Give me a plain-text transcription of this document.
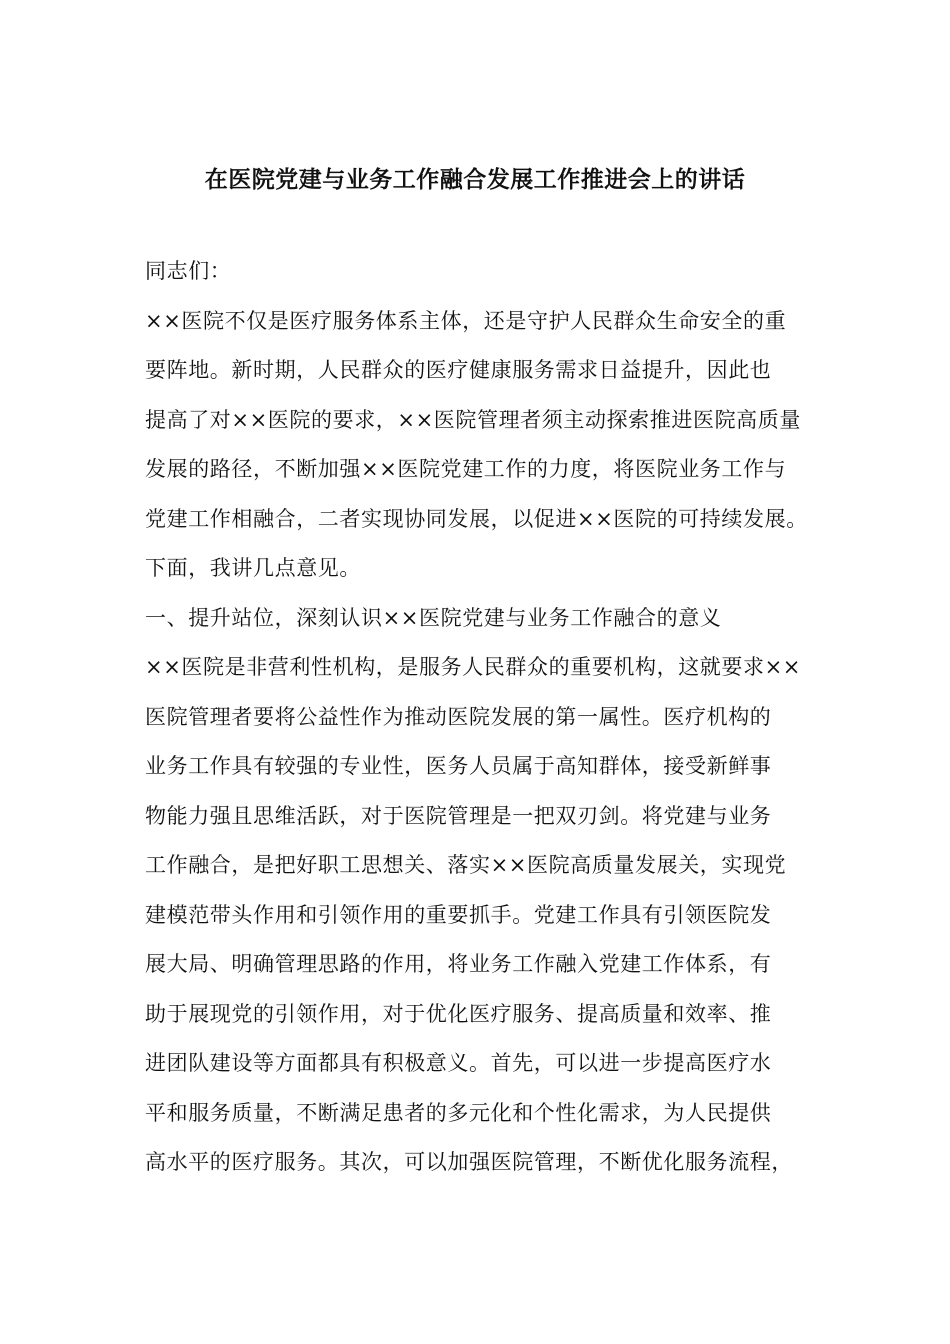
在医院党建与业务工作融合发展工作推进会上的讲话
同志们：
××医院不仅是医疗服务体系主体，还是守护人民群众生命安全的重
要阵地。新时期，人民群众的医疗健康服务需求日益提升，因此也
提高了对××医院的要求，××医院管理者须主动探索推进医院高质量
发展的路径，不断加强××医院党建工作的力度，将医院业务工作与
党建工作相融合，二者实现协同发展，以促进××医院的可持续发展。
下面，我讲几点意见。
一、提升站位，深刻认识××医院党建与业务工作融合的意义
××医院是非营利性机构，是服务人民群众的重要机构，这就要求××
医院管理者要将公益性作为推动医院发展的第一属性。医疗机构的
业务工作具有较强的专业性，医务人员属于高知群体，接受新鲜事
物能力强且思维活跃，对于医院管理是一把双刃剑。将党建与业务
工作融合，是把好职工思想关、落实××医院高质量发展关，实现党
建模范带头作用和引领作用的重要抓手。党建工作具有引领医院发
展大局、明确管理思路的作用，将业务工作融入党建工作体系，有
助于展现党的引领作用，对于优化医疗服务、提高质量和效率、推
进团队建设等方面都具有积极意义。首先，可以进一步提高医疗水
平和服务质量，不断满足患者的多元化和个性化需求，为人民提供
高水平的医疗服务。其次，可以加强医院管理，不断优化服务流程，
